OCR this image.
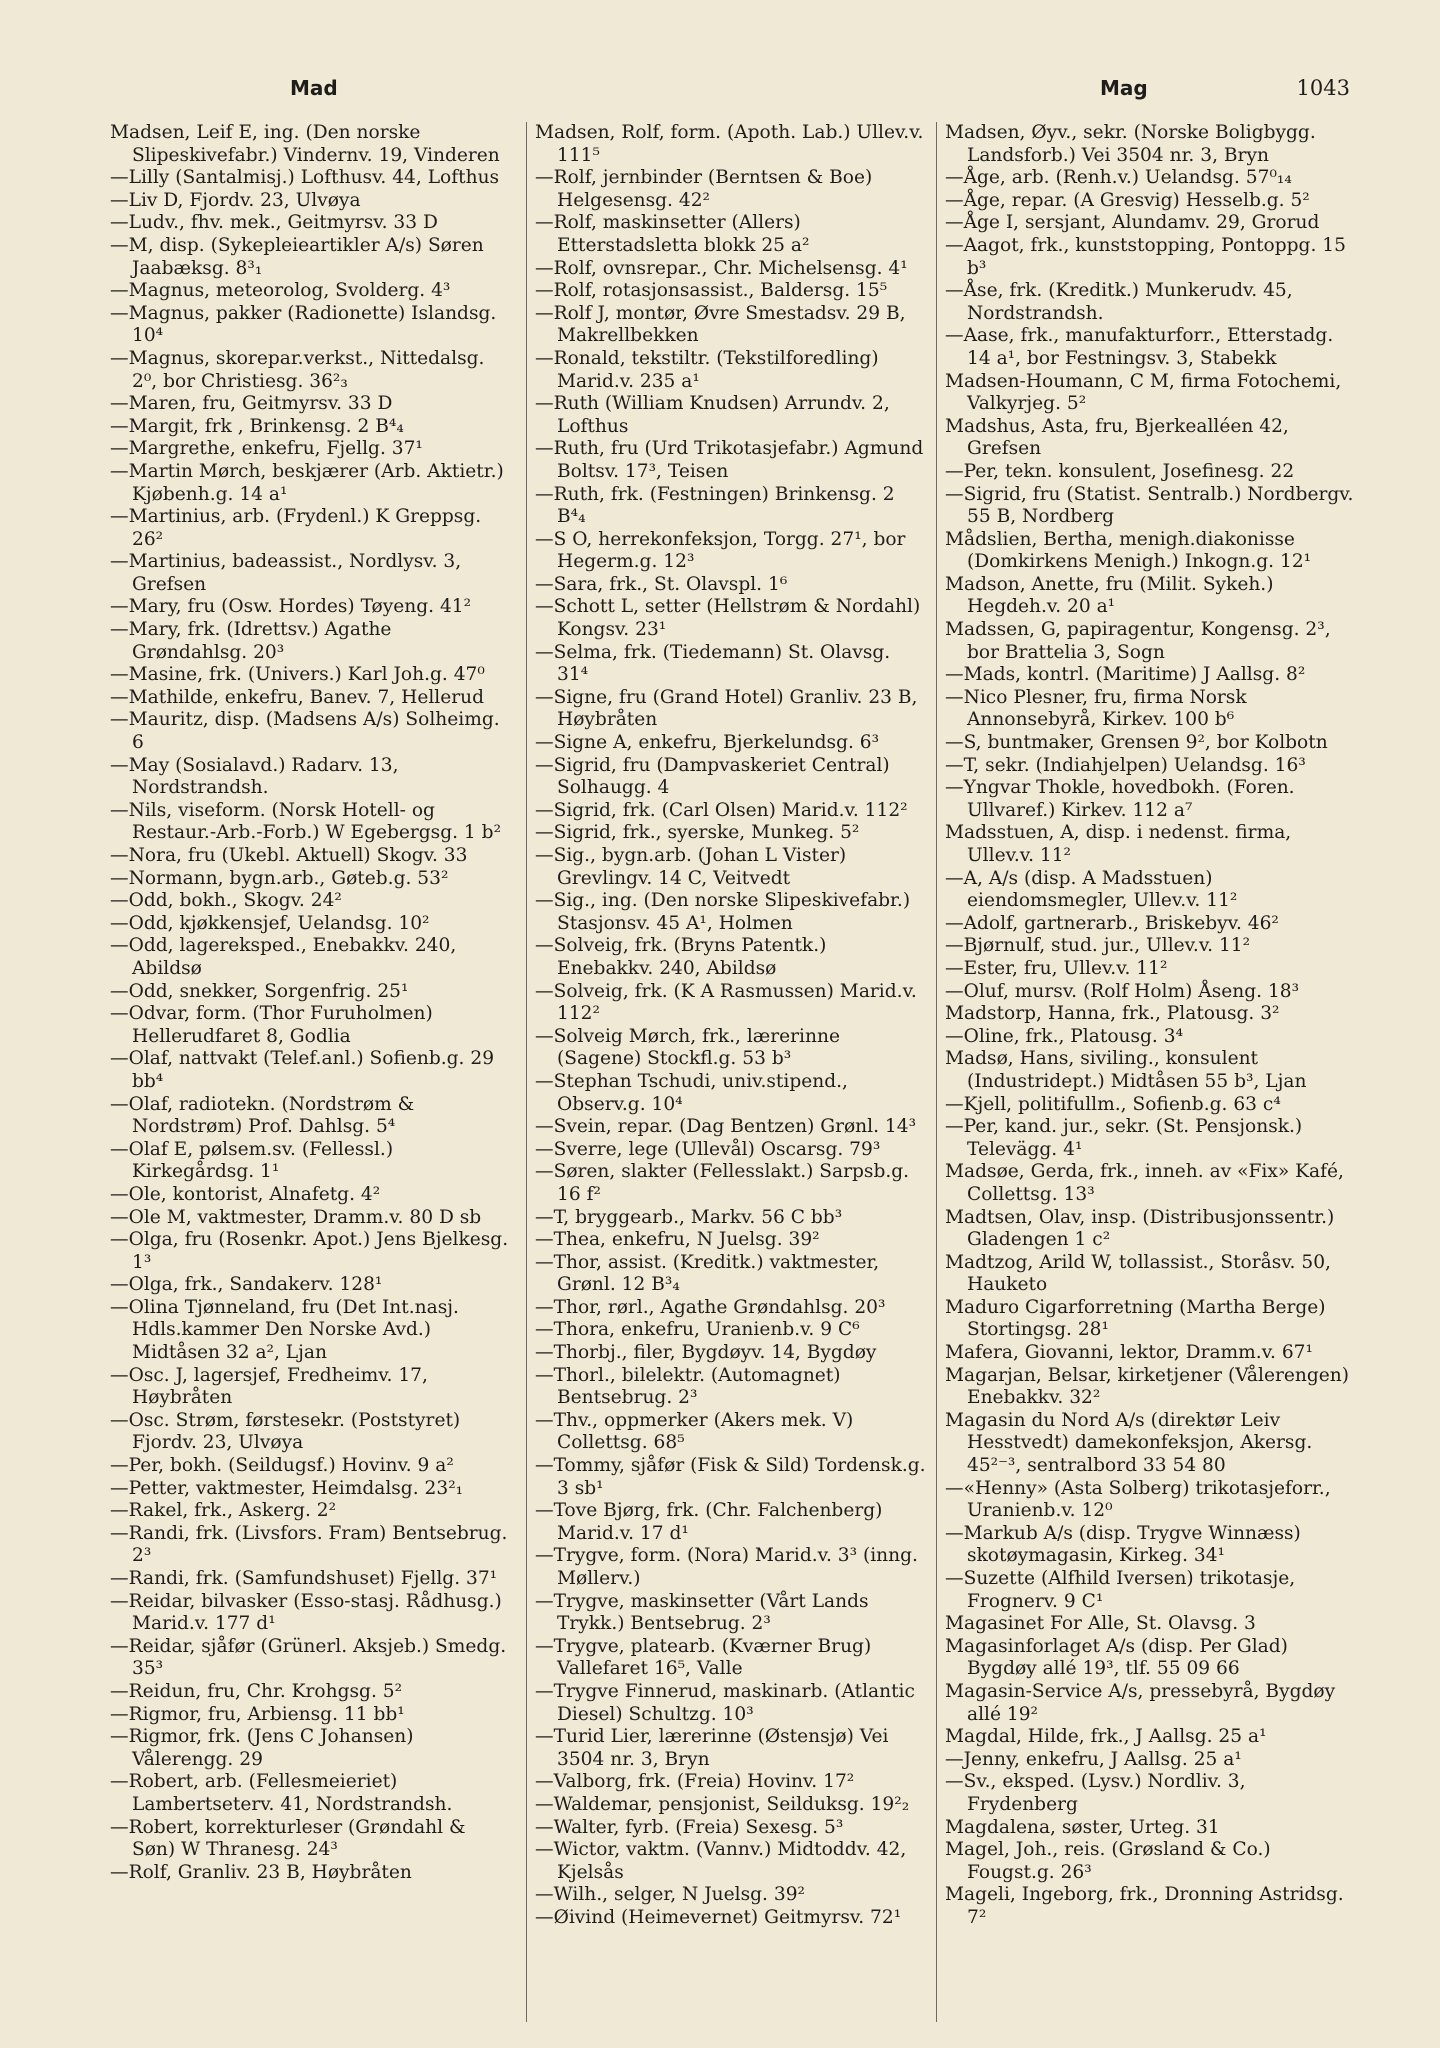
Mad	Mag	1043

Madsen, Leif E, ing. (Den norske Slipeskivefabr.) Vindernv. 19, Vinderen

—Lilly (Santalmisj.) Lofthusv. 44, Lofthus

—Liv D, Fjordv. 23, Ulvøya

—Ludv., fhv. mek., Geitmyrsv. 33 D

—M, disp. (Sykepleieartikler A/s) Søren Jaabæksg. 8³₁

—Magnus, meteorolog, Svolderg. 4³

—Magnus, pakker (Radionette) Islandsg. 10⁴

—Magnus, skorepar.verkst., Nittedalsg. 2⁰, bor Christiesg. 36²₃

—Maren, fru, Geitmyrsv. 33 D

—Margit, frk , Brinkensg. 2 B⁴₄

—Margrethe, enkefru, Fjellg. 37¹

—Martin Mørch, beskjærer (Arb. Aktietr.) Kjøbenh.g. 14 a¹

—Martinius, arb. (Frydenl.) K Greppsg. 26²

—Martinius, badeassist., Nordlysv. 3, Grefsen

—Mary, fru (Osw. Hordes) Tøyeng. 41²

—Mary, frk. (Idrettsv.) Agathe Grøndahlsg. 20³

—Masine, frk. (Univers.) Karl Joh.g. 47⁰

—Mathilde, enkefru, Banev. 7, Hellerud

—Mauritz, disp. (Madsens A/s) Solheimg. 6

—May (Sosialavd.) Radarv. 13, Nordstrandsh.

—Nils, viseform. (Norsk Hotell- og Restaur.-Arb.-Forb.) W Egebergsg. 1 b²

—Nora, fru (Ukebl. Aktuell) Skogv. 33

—Normann, bygn.arb., Gøteb.g. 53²

—Odd, bokh., Skogv. 24²

—Odd, kjøkkensjef, Uelandsg. 10²

—Odd, lagereksped., Enebakkv. 240, Abildsø

—Odd, snekker, Sorgenfrig. 25¹

—Odvar, form. (Thor Furuholmen) Hellerudfaret 8, Godlia

—Olaf, nattvakt (Telef.anl.) Sofienb.g. 29 bb⁴

—Olaf, radiotekn. (Nordstrøm & Nordstrøm) Prof. Dahlsg. 5⁴

—Olaf E, pølsem.sv. (Fellessl.) Kirkegårdsg. 1¹

—Ole, kontorist, Alnafetg. 4²

—Ole M, vaktmester, Dramm.v. 80 D sb

—Olga, fru (Rosenkr. Apot.) Jens Bjelkesg. 1³

—Olga, frk., Sandakerv. 128¹

—Olina Tjønneland, fru (Det Int.nasj. Hdls.kammer Den Norske Avd.) Midtåsen 32 a², Ljan

—Osc. J, lagersjef, Fredheimv. 17, Høybråten

—Osc. Strøm, førstesekr. (Poststyret) Fjordv. 23, Ulvøya

—Per, bokh. (Seildugsf.) Hovinv. 9 a²

—Petter, vaktmester, Heimdalsg. 23²₁

—Rakel, frk., Askerg. 2²

—Randi, frk. (Livsfors. Fram) Bentsebrug. 2³

—Randi, frk. (Samfundshuset) Fjellg. 37¹

—Reidar, bilvasker (Esso-stasj. Rådhusg.) Marid.v. 177 d¹

—Reidar, sjåfør (Grünerl. Aksjeb.) Smedg. 35³

—Reidun, fru, Chr. Krohgsg. 5²

—Rigmor, fru, Arbiensg. 11 bb¹

—Rigmor, frk. (Jens C Johansen) Vålerengg. 29

—Robert, arb. (Fellesmeieriet) Lambertseterv. 41, Nordstrandsh.

—Robert, korrekturleser (Grøndahl & Søn) W Thranesg. 24³

—Rolf, Granliv. 23 B, Høybråten

Madsen, Rolf, form. (Apoth. Lab.) Ullev.v. 111⁵

—Rolf, jernbinder (Berntsen & Boe) Helgesensg. 42²

—Rolf, maskinsetter (Allers) Etterstadsletta blokk 25 a²

—Rolf, ovnsrepar., Chr. Michelsensg. 4¹

—Rolf, rotasjonsassist., Baldersg. 15⁵

—Rolf J, montør, Øvre Smestadsv. 29 B, Makrellbekken

—Ronald, tekstiltr. (Tekstilforedling) Marid.v. 235 a¹

—Ruth (William Knudsen) Arrundv. 2, Lofthus

—Ruth, fru (Urd Trikotasjefabr.) Agmund Boltsv. 17³, Teisen

—Ruth, frk. (Festningen) Brinkensg. 2 B⁴₄

—S O, herrekonfeksjon, Torgg. 27¹, bor Hegerm.g. 12³

—Sara, frk., St. Olavspl. 1⁶

—Schott L, setter (Hellstrøm & Nordahl) Kongsv. 23¹

—Selma, frk. (Tiedemann) St. Olavsg. 31⁴

—Signe, fru (Grand Hotel) Granliv. 23 B, Høybråten

—Signe A, enkefru, Bjerkelundsg. 6³

—Sigrid, fru (Dampvaskeriet Central) Solhaugg. 4

—Sigrid, frk. (Carl Olsen) Marid.v. 112²

—Sigrid, frk., syerske, Munkeg. 5²

—Sig., bygn.arb. (Johan L Vister) Grevlingv. 14 C, Veitvedt

—Sig., ing. (Den norske Slipeskivefabr.) Stasjonsv. 45 A¹, Holmen

—Solveig, frk. (Bryns Patentk.) Enebakkv. 240, Abildsø

—Solveig, frk. (K A Rasmussen) Marid.v. 112²

—Solveig Mørch, frk., lærerinne (Sagene) Stockfl.g. 53 b³

—Stephan Tschudi, univ.stipend., Observ.g. 10⁴

—Svein, repar. (Dag Bentzen) Grønl. 14³

—Sverre, lege (Ullevål) Oscarsg. 79³

—Søren, slakter (Fellesslakt.) Sarpsb.g. 16 f²

—T, bryggearb., Markv. 56 C bb³

—Thea, enkefru, N Juelsg. 39²

—Thor, assist. (Kreditk.) vaktmester, Grønl. 12 B³₄

—Thor, rørl., Agathe Grøndahlsg. 20³

—Thora, enkefru, Uranienb.v. 9 C⁶

—Thorbj., filer, Bygdøyv. 14, Bygdøy

—Thorl., bilelektr. (Automagnet) Bentsebrug. 2³

—Thv., oppmerker (Akers mek. V) Collettsg. 68⁵

—Tommy, sjåfør (Fisk & Sild) Tordensk.g. 3 sb¹

—Tove Bjørg, frk. (Chr. Falchenberg) Marid.v. 17 d¹

—Trygve, form. (Nora) Marid.v. 3³ (inng. Møllerv.)

—Trygve, maskinsetter (Vårt Lands Trykk.) Bentsebrug. 2³

—Trygve, platearb. (Kværner Brug) Vallefaret 16⁵, Valle

—Trygve Finnerud, maskinarb. (Atlantic Diesel) Schultzg. 10³

—Turid Lier, lærerinne (Østensjø) Vei 3504 nr. 3, Bryn

—Valborg, frk. (Freia) Hovinv. 17²

—Waldemar, pensjonist, Seilduksg. 19²₂

—Walter, fyrb. (Freia) Sexesg. 5³

—Wictor, vaktm. (Vannv.) Midtoddv. 42, Kjelsås

—Wilh., selger, N Juelsg. 39²

—Øivind (Heimevernet) Geitmyrsv. 72¹

Madsen, Øyv., sekr. (Norske Boligbygg. Landsforb.) Vei 3504 nr. 3, Bryn

—Åge, arb. (Renh.v.) Uelandsg. 57⁰₁₄

—Åge, repar. (A Gresvig) Hesselb.g. 5²

—Åge I, sersjant, Alundamv. 29, Grorud

—Aagot, frk., kunststopping, Pontoppg. 15 b³

—Åse, frk. (Kreditk.) Munkerudv. 45, Nordstrandsh.

—Aase, frk., manufakturforr., Etterstadg. 14 a¹, bor Festningsv. 3, Stabekk

Madsen-Houmann, C M, firma Fotochemi, Valkyrjeg. 5²

Madshus, Asta, fru, Bjerkealléen 42, Grefsen

—Per, tekn. konsulent, Josefinesg. 22

—Sigrid, fru (Statist. Sentralb.) Nordbergv. 55 B, Nordberg

Mådslien, Bertha, menigh.diakonisse (Domkirkens Menigh.) Inkogn.g. 12¹

Madson, Anette, fru (Milit. Sykeh.) Hegdeh.v. 20 a¹

Madssen, G, papiragentur, Kongensg. 2³, bor Brattelia 3, Sogn

—Mads, kontrl. (Maritime) J Aallsg. 8²

—Nico Plesner, fru, firma Norsk Annonsebyrå, Kirkev. 100 b⁶

—S, buntmaker, Grensen 9², bor Kolbotn

—T, sekr. (Indiahjelpen) Uelandsg. 16³

—Yngvar Thokle, hovedbokh. (Foren. Ullvaref.) Kirkev. 112 a⁷

Madsstuen, A, disp. i nedenst. firma, Ullev.v. 11²

—A, A/s (disp. A Madsstuen) eiendomsmegler, Ullev.v. 11²

—Adolf, gartnerarb., Briskebyv. 46²

—Bjørnulf, stud. jur., Ullev.v. 11²

—Ester, fru, Ullev.v. 11²

—Oluf, mursv. (Rolf Holm) Åseng. 18³

Madstorp, Hanna, frk., Platousg. 3²

—Oline, frk., Platousg. 3⁴

Madsø, Hans, siviling., konsulent (Industridept.) Midtåsen 55 b³, Ljan

—Kjell, politifullm., Sofienb.g. 63 c⁴

—Per, kand. jur., sekr. (St. Pensjonsk.) Televägg. 4¹

Madsøe, Gerda, frk., inneh. av «Fix» Kafé, Collettsg. 13³

Madtsen, Olav, insp. (Distribusjonssentr.) Gladengen 1 c²

Madtzog, Arild W, tollassist., Storåsv. 50, Hauketo

Maduro Cigarforretning (Martha Berge) Stortingsg. 28¹

Mafera, Giovanni, lektor, Dramm.v. 67¹

Magarjan, Belsar, kirketjener (Vålerengen) Enebakkv. 32²

Magasin du Nord A/s (direktør Leiv Hesstvedt) damekonfeksjon, Akersg. 45²⁻³, sentralbord 33 54 80

—«Henny» (Asta Solberg) trikotasjeforr., Uranienb.v. 12⁰

—Markub A/s (disp. Trygve Winnæss) skotøymagasin, Kirkeg. 34¹

—Suzette (Alfhild Iversen) trikotasje, Frognerv. 9 C¹

Magasinet For Alle, St. Olavsg. 3

Magasinforlaget A/s (disp. Per Glad) Bygdøy allé 19³, tlf. 55 09 66

Magasin-Service A/s, pressebyrå, Bygdøy allé 19²

Magdal, Hilde, frk., J Aallsg. 25 a¹

—Jenny, enkefru, J Aallsg. 25 a¹

—Sv., eksped. (Lysv.) Nordliv. 3, Frydenberg

Magdalena, søster, Urteg. 31

Magel, Joh., reis. (Grøsland & Co.) Fougst.g. 26³

Mageli, Ingeborg, frk., Dronning Astridsg. 7²
